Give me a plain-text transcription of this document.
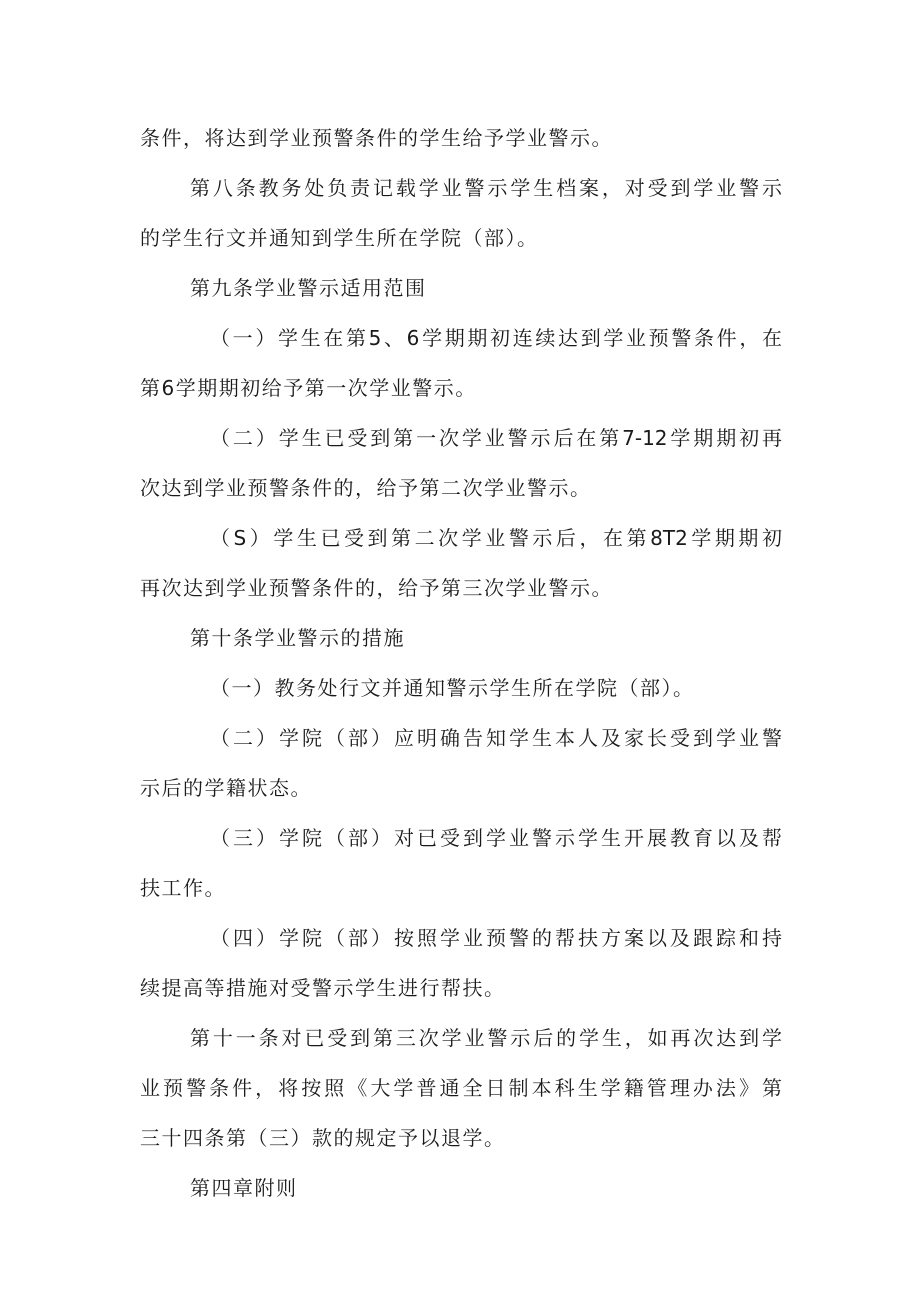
条件，将达到学业预警条件的学生给予学业警示。
第八条教务处负责记载学业警示学生档案，对受到学业警示
的学生行文并通知到学生所在学院（部）。
第九条学业警示适用范围
（一）学生在第5、6学期期初连续达到学业预警条件，在
第6学期期初给予第一次学业警示。
（二）学生已受到第一次学业警示后在第7-12学期期初再
次达到学业预警条件的，给予第二次学业警示。
（S）学生已受到第二次学业警示后，在第8T2学期期初
再次达到学业预警条件的，给予第三次学业警示。
第十条学业警示的措施
（一）教务处行文并通知警示学生所在学院（部）。
（二）学院（部）应明确告知学生本人及家长受到学业警
示后的学籍状态。
（三）学院（部）对已受到学业警示学生开展教育以及帮
扶工作。
（四）学院（部）按照学业预警的帮扶方案以及跟踪和持
续提高等措施对受警示学生进行帮扶。
第十一条对已受到第三次学业警示后的学生，如再次达到学
业预警条件，将按照《大学普通全日制本科生学籍管理办法》第
三十四条第（三）款的规定予以退学。
第四章附则
